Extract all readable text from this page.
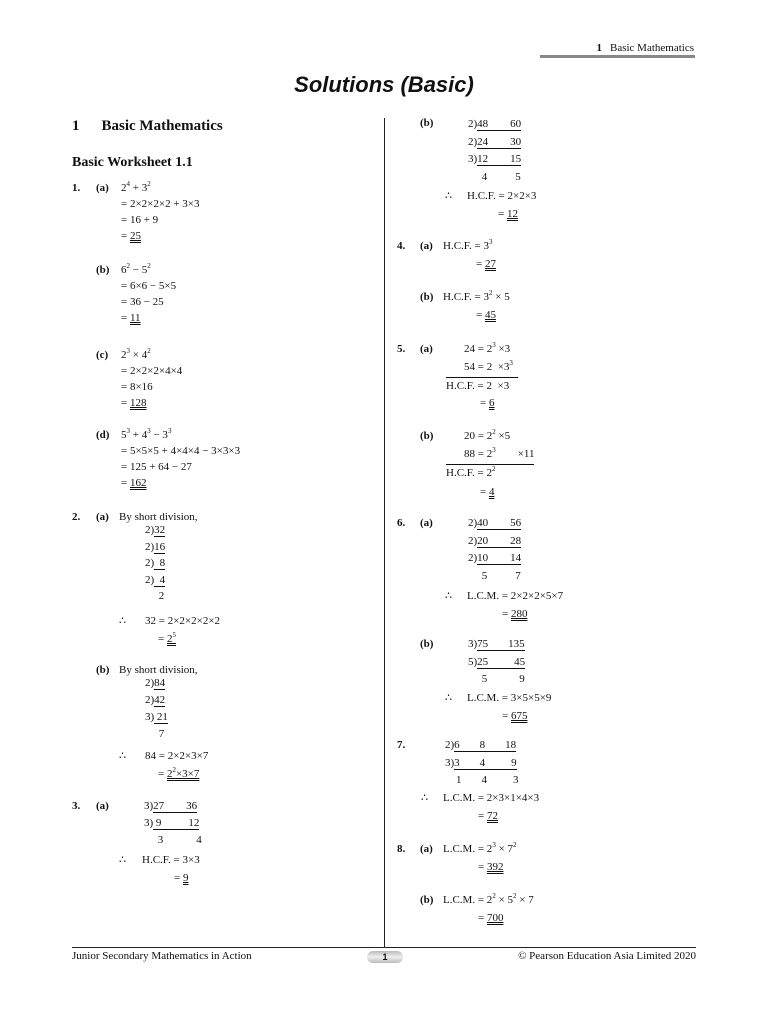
1 Basic Mathematics
Solutions (Basic)
1 Basic Mathematics
Basic Worksheet 1.1
1. (a) $2^4 + 3^2$
= 2×2×2×2 + 3×3
= 16 + 9
= 25
(b) $6^2 - 5^2$
= 6×6 − 5×5
= 36 − 25
= 11
(c) $2^3 \times 4^2$
= 2×2×2×4×4
= 8×16
= 128
(d) $5^3 + 4^3 - 3^3$
= 5×5×5 + 4×4×4 − 3×3×3
= 125 + 64 − 27
= 162
2. (a) By short division,
2)32
2)16
2) 8
2) 4
2
∴ 32 = 2×2×2×2×2
= $2^5$
(b) By short division,
2)84
2)42
3) 21
7
∴ 84 = 2×2×3×7
= $2^2\times 3\times 7$
3. (a)	3)27 36
3) 9 12
3	4
∴ H.C.F. = 3×3
= 9
(b)	2)48 60
2)24 30
3)12 15
4	5
∴ H.C.F. = 2×2×3
= 12
4. (a) H.C.F. = $3^3$
= 27
(b) H.C.F. = $3^2 \times 5$
= 45
5. (a)	$24 = 2^3 \times 3$
$54 = 2 \times 3^3$
H.C.F. = 2  ×3
= 6
(b)	$20 = 2^2 \times 5$
$88 = 2^3 \times 11$
H.C.F. = $2^2$
= 4
6. (a)	2)40 56
2)20 28
2)10 14
5	7
∴ L.C.M. = 2×2×2×5×7
= 280
(b)	3)75 135
5)25 45
5	9
∴ L.C.M. = 3×5×5×9
= 675
7.	2)6 8 18
3)3 4 9
1 4 3
∴ L.C.M. = 2×3×1×4×3
= 72
8. (a) L.C.M. = $2^3 \times 7^2$
= 392
(b) L.C.M. = $2^2 \times 5^2 \times 7$
= 700
Junior Secondary Mathematics in Action	1	© Pearson Education Asia Limited 2020
